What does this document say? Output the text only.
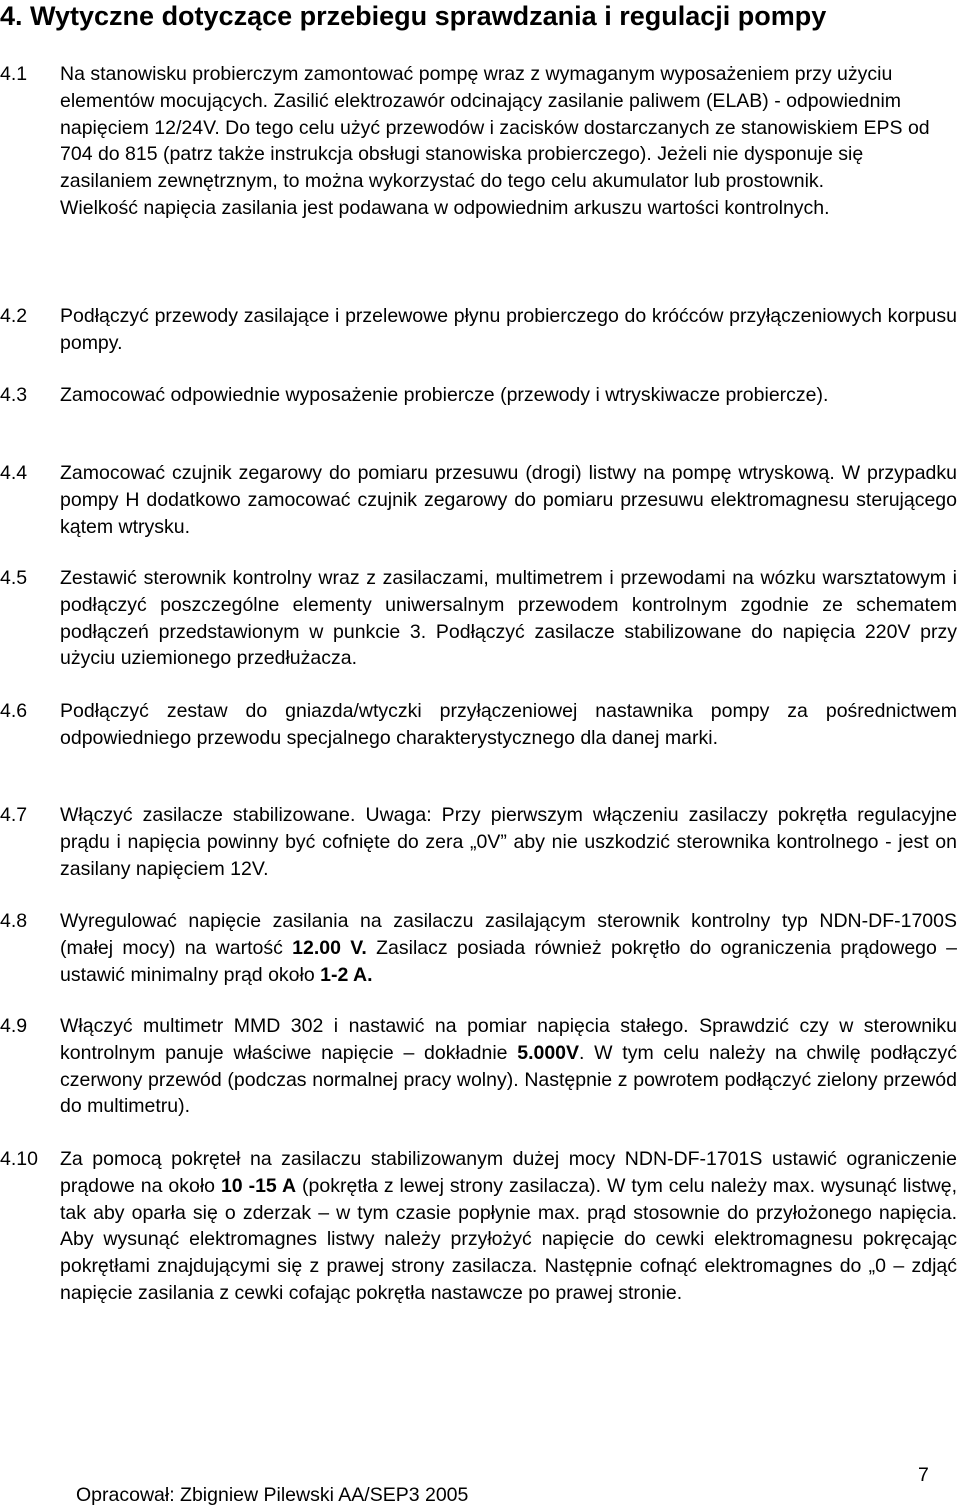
4. Wytyczne dotyczące przebiegu sprawdzania i regulacji pompy
4.1	Na stanowisku probierczym zamontować pompę wraz z wymaganym wyposażeniem przy użyciu elementów mocujących. Zasilić elektrozawór odcinający zasilanie paliwem (ELAB) - odpowiednim napięciem 12/24V. Do tego celu użyć przewodów i zacisków dostarczanych ze stanowiskiem EPS od 704 do 815 (patrz także instrukcja obsługi stanowiska probierczego). Jeżeli nie dysponuje się zasilaniem zewnętrznym, to można wykorzystać do tego celu akumulator lub prostownik.

Wielkość napięcia zasilania jest podawana w odpowiednim arkuszu wartości kontrolnych.

4.2	Podłączyć przewody zasilające i przelewowe płynu probierczego do króćców przyłączeniowych korpusu pompy.
4.3	Zamocować odpowiednie wyposażenie probiercze (przewody i wtryskiwacze probiercze).
4.4	Zamocować czujnik zegarowy do pomiaru przesuwu (drogi) listwy na pompę wtryskową. W przypadku pompy H dodatkowo zamocować czujnik zegarowy do pomiaru przesuwu elektromagnesu sterującego kątem wtrysku.
4.5	Zestawić sterownik kontrolny wraz z zasilaczami, multimetrem i przewodami na wózku warsztatowym i podłączyć poszczególne elementy uniwersalnym przewodem kontrolnym zgodnie ze schematem podłączeń przedstawionym w punkcie 3. Podłączyć zasilacze stabilizowane do napięcia 220V przy użyciu uziemionego przedłużacza.
4.6	Podłączyć zestaw do gniazda/wtyczki przyłączeniowej nastawnika pompy za pośrednictwem odpowiedniego przewodu specjalnego charakterystycznego dla danej marki.
4.7	Włączyć zasilacze stabilizowane. Uwaga: Przy pierwszym włączeniu zasilaczy pokrętła regulacyjne prądu i napięcia powinny być cofnięte do zera „0V” aby nie uszkodzić sterownika kontrolnego - jest on zasilany napięciem 12V.
4.8	Wyregulować napięcie zasilania na zasilaczu zasilającym sterownik kontrolny typ NDN-DF-1700S (małej mocy) na wartość 12.00 V. Zasilacz posiada również pokrętło do ograniczenia prądowego – ustawić minimalny prąd około 1-2 A.
4.9	Włączyć multimetr MMD 302 i nastawić na pomiar napięcia stałego. Sprawdzić czy w sterowniku kontrolnym panuje właściwe napięcie – dokładnie 5.000V. W tym celu należy na chwilę podłączyć czerwony przewód (podczas normalnej pracy wolny). Następnie z powrotem podłączyć zielony przewód do multimetru).
4.10	Za pomocą pokręteł na zasilaczu stabilizowanym dużej mocy NDN-DF-1701S ustawić ograniczenie prądowe na około 10 -15 A (pokrętła z lewej strony zasilacza). W tym celu należy max. wysunąć listwę, tak aby oparła się o zderzak – w tym czasie popłynie max. prąd stosownie do przyłożonego napięcia. Aby wysunąć elektromagnes listwy należy przyłożyć napięcie do cewki elektromagnesu pokręcając pokrętłami znajdującymi się z prawej strony zasilacza. Następnie cofnąć elektromagnes do „0 – zdjąć napięcie zasilania z cewki cofając pokrętła nastawcze po prawej stronie.
Opracował: Zbigniew Pilewski AA/SEP3 2005
7
